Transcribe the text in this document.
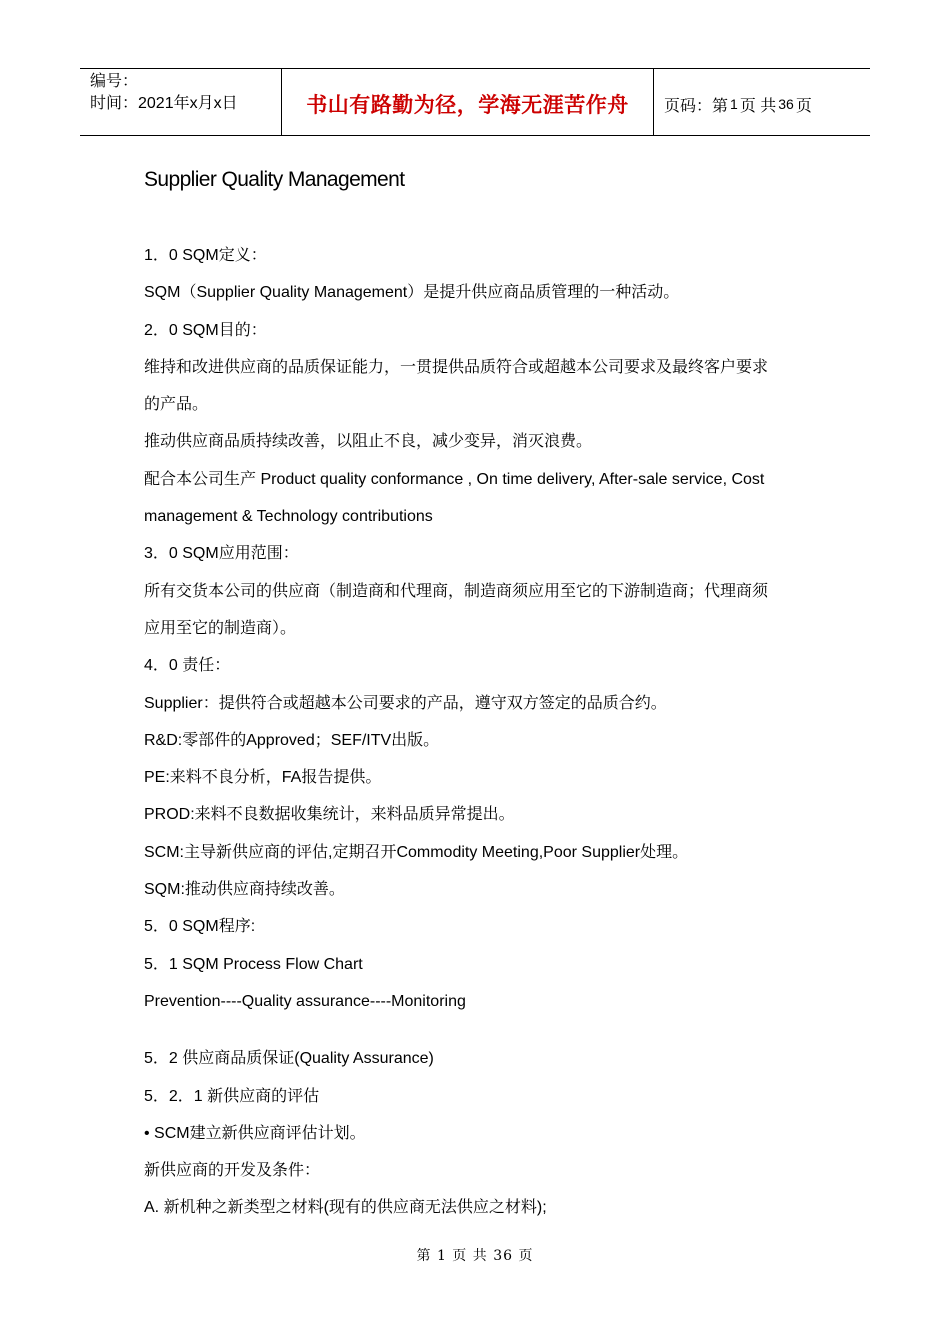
编号：
时间：2021年x月x日	书山有路勤为径，学海无涯苦作舟	页码：第 1 页 共 36 页
Supplier Quality Management
1．0 SQM定义：
SQM（Supplier Quality Management）是提升供应商品质管理的一种活动。
2．0 SQM目的：
维持和改进供应商的品质保证能力，一贯提供品质符合或超越本公司要求及最终客户要求
的产品。
推动供应商品质持续改善，以阻止不良，减少变异，消灭浪费。
配合本公司生产 Product quality conformance , On time delivery, After-sale service, Cost
management & Technology contributions
3．0 SQM应用范围：
所有交货本公司的供应商（制造商和代理商，制造商须应用至它的下游制造商；代理商须
应用至它的制造商）。
4．0 责任：
Supplier：提供符合或超越本公司要求的产品，遵守双方签定的品质合约。
R&D:零部件的Approved；SEF/ITV出版。
PE:来料不良分析，FA报告提供。
PROD:来料不良数据收集统计，来料品质异常提出。
SCM:主导新供应商的评估,定期召开Commodity Meeting,Poor Supplier处理。
SQM:推动供应商持续改善。
5．0 SQM程序:
5．1 SQM Process Flow Chart
Prevention----Quality assurance----Monitoring
5．2 供应商品质保证(Quality Assurance)
5．2．1 新供应商的评估
• SCM建立新供应商评估计划。
新供应商的开发及条件：
A. 新机种之新类型之材料(现有的供应商无法供应之材料);
第 1 页 共 36 页
